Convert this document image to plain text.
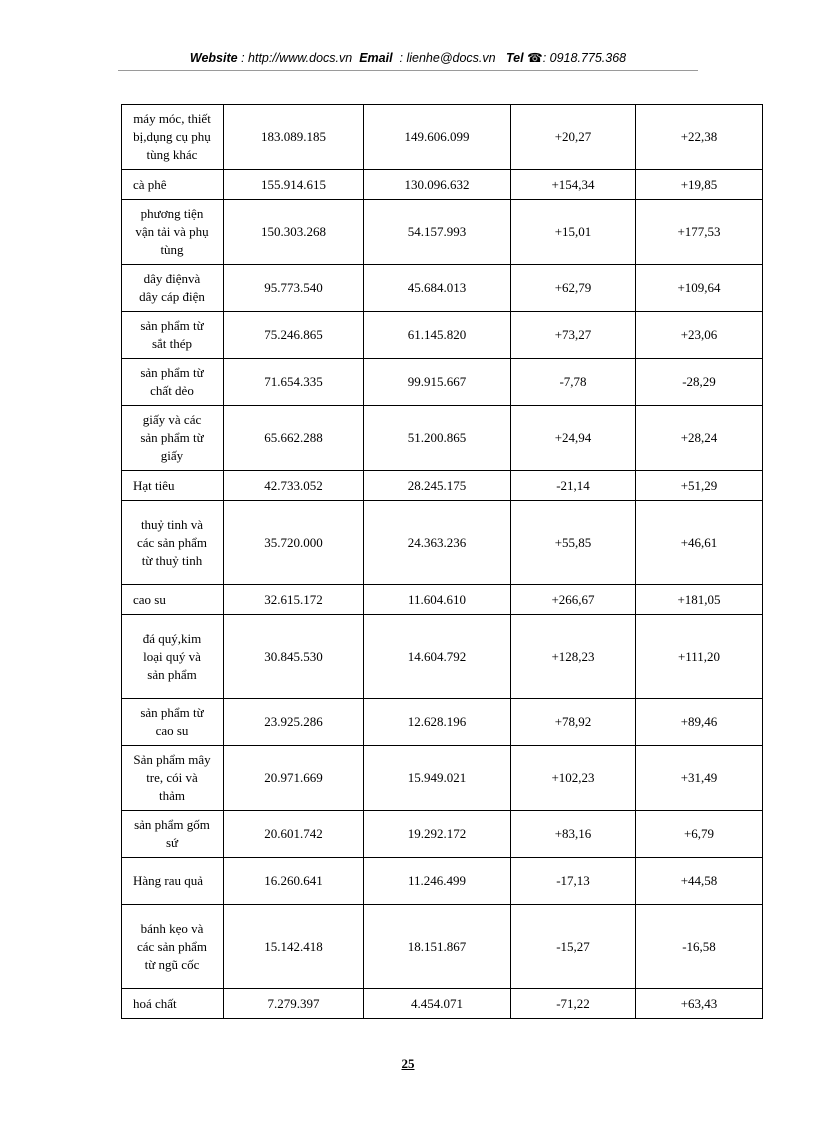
Website : http://www.docs.vn Email : lienhe@docs.vn Tel ☎: 0918.775.368
máy móc, thiết bị,dụng cụ phụ tùng khác	183.089.185	149.606.099	+20,27	+22,38
cà phê	155.914.615	130.096.632	+154,34	+19,85
phương tiện vận tải và phụ tùng	150.303.268	54.157.993	+15,01	+177,53
dây điệnvà dây cáp điện	95.773.540	45.684.013	+62,79	+109,64
sản phẩm từ sắt thép	75.246.865	61.145.820	+73,27	+23,06
sản phẩm từ chất dẻo	71.654.335	99.915.667	-7,78	-28,29
giấy và các sản phẩm từ giấy	65.662.288	51.200.865	+24,94	+28,24
Hạt tiêu	42.733.052	28.245.175	-21,14	+51,29
thuỷ tinh và các sản phẩm từ thuỷ tinh	35.720.000	24.363.236	+55,85	+46,61
cao su	32.615.172	11.604.610	+266,67	+181,05
đá quý,kim loại quý và sản phẩm	30.845.530	14.604.792	+128,23	+111,20
sản phẩm từ cao su	23.925.286	12.628.196	+78,92	+89,46
Sản phẩm mây tre, cói và thảm	20.971.669	15.949.021	+102,23	+31,49
sản phẩm gốm sứ	20.601.742	19.292.172	+83,16	+6,79
Hàng rau quả	16.260.641	11.246.499	-17,13	+44,58
bánh kẹo và các sản phẩm từ ngũ cốc	15.142.418	18.151.867	-15,27	-16,58
hoá chất	7.279.397	4.454.071	-71,22	+63,43
25
